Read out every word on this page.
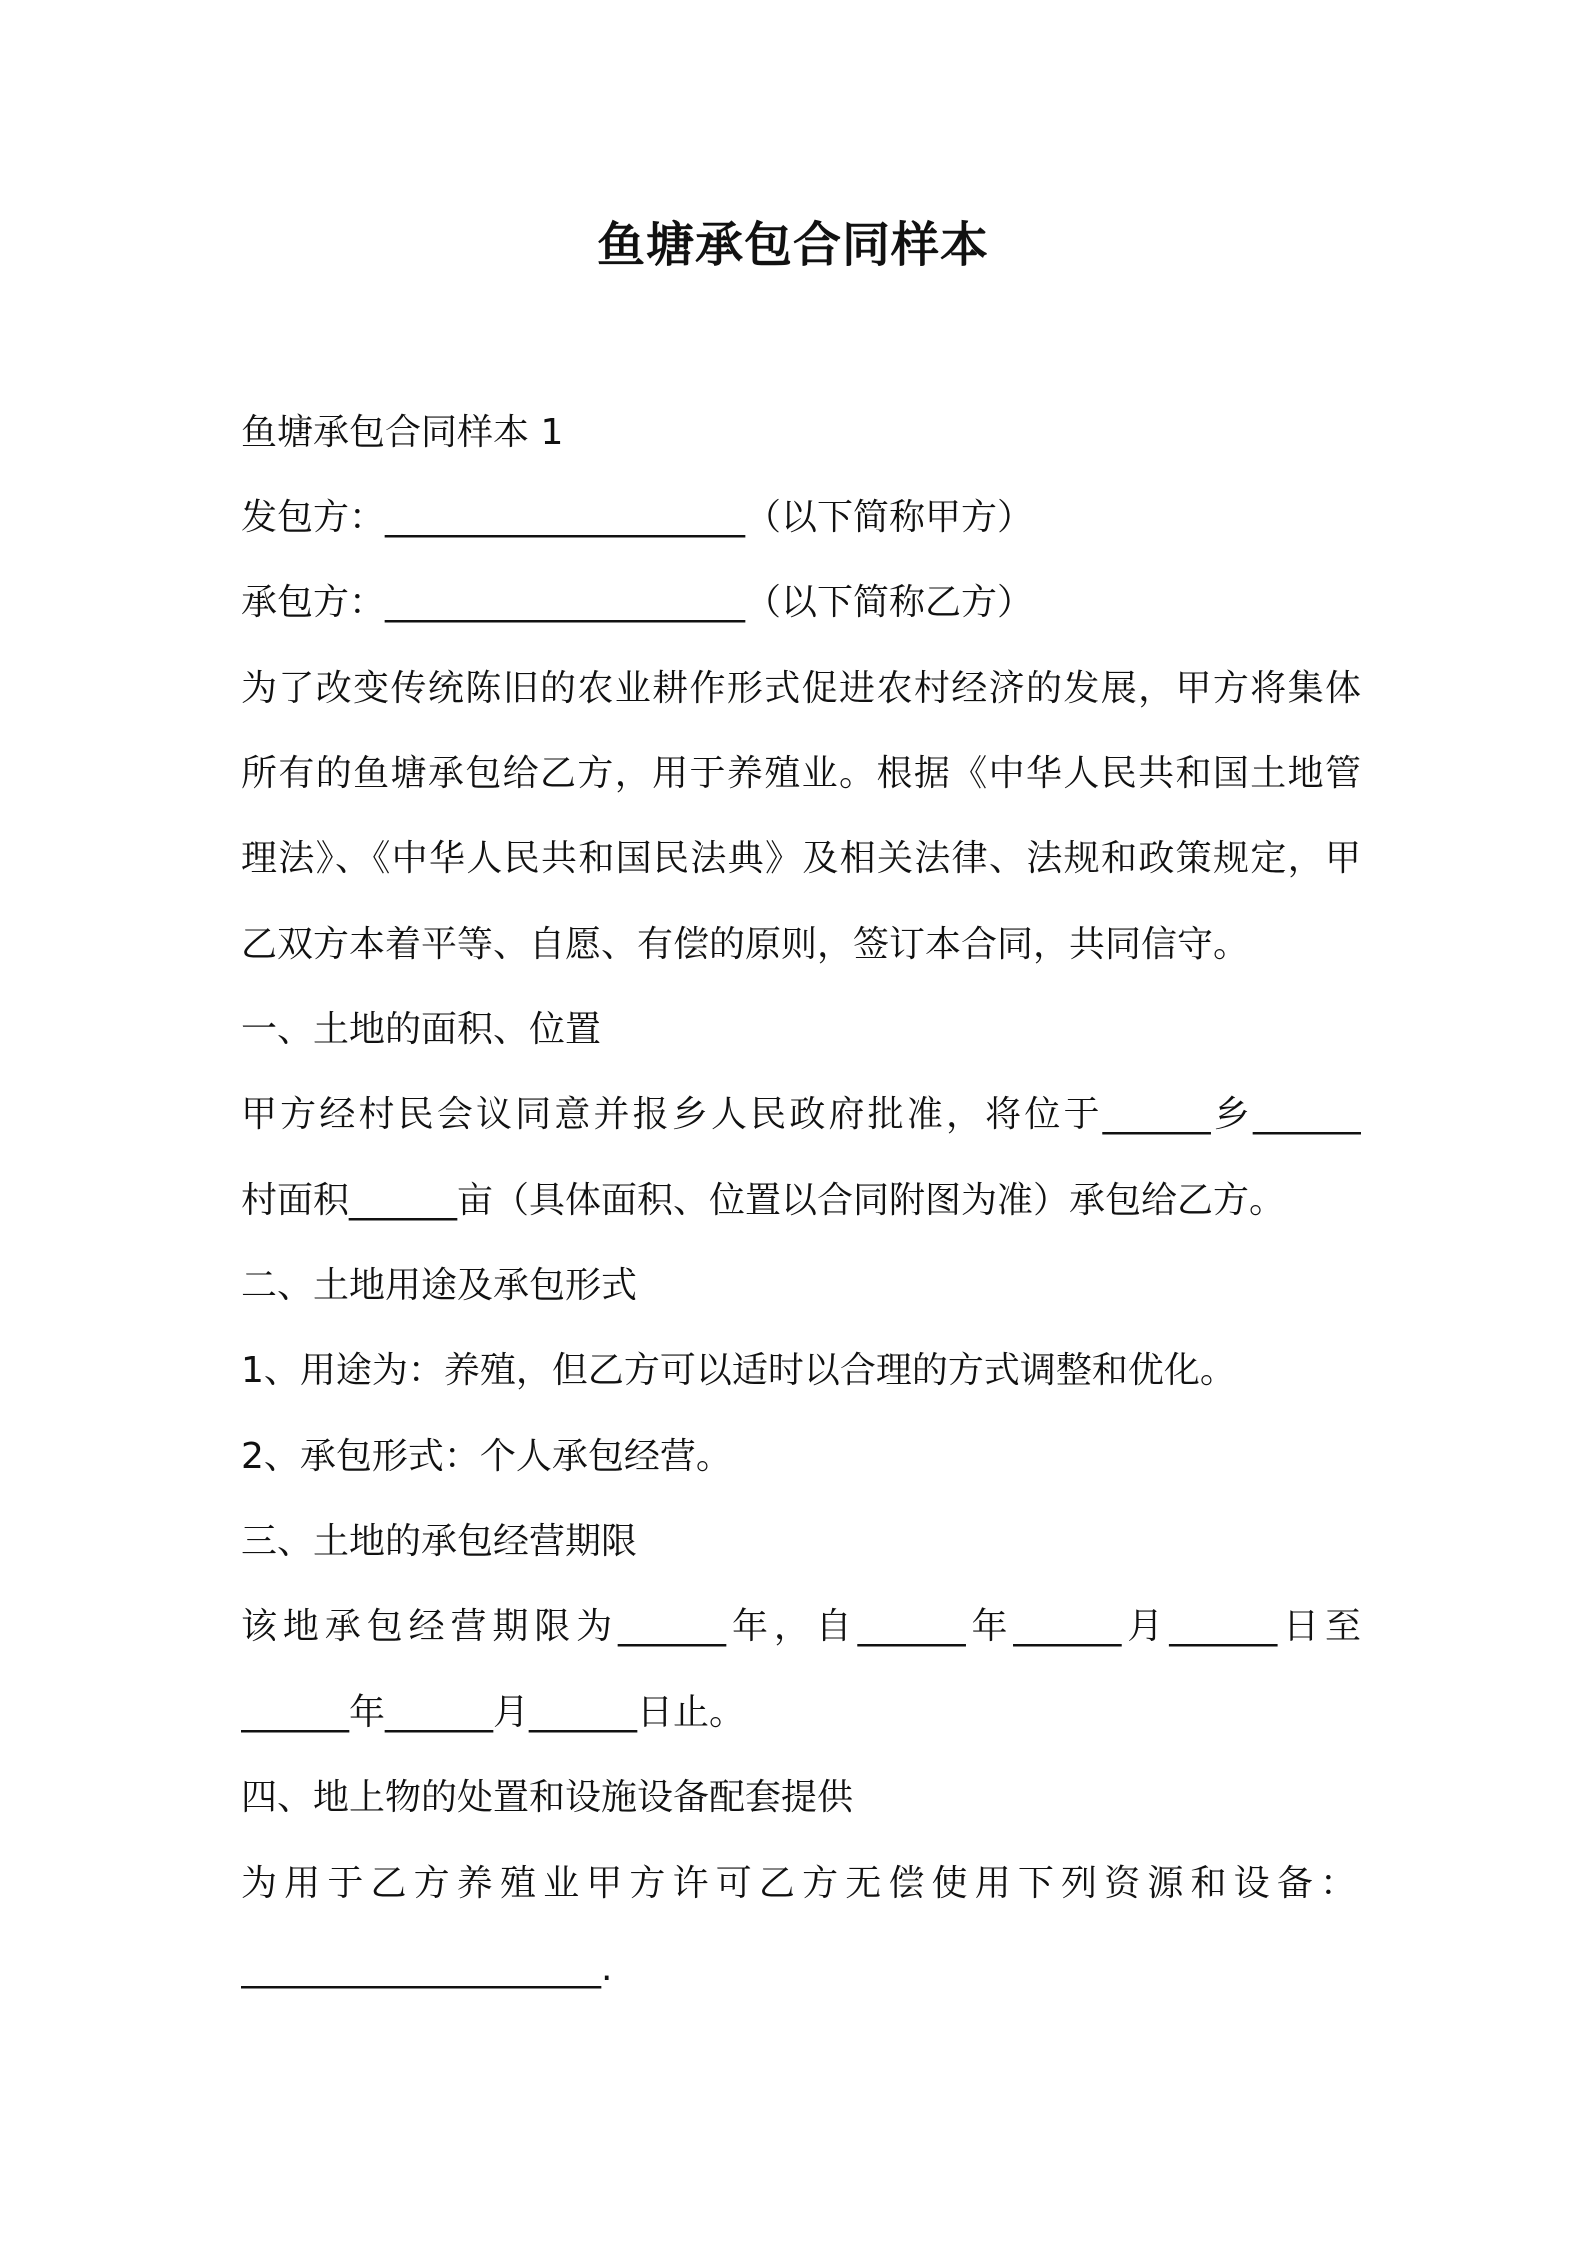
鱼塘承包合同样本
鱼塘承包合同样本 1
发包方：____________________（以下简称甲方）
承包方：____________________（以下简称乙方）
为了改变传统陈旧的农业耕作形式促进农村经济的发展，甲方将集体
所有的鱼塘承包给乙方，用于养殖业。根据《中华人民共和国土地管
理法》、《中华人民共和国民法典》及相关法律、法规和政策规定，甲
乙双方本着平等、自愿、有偿的原则，签订本合同，共同信守。
一、土地的面积、位置
甲方经村民会议同意并报乡人民政府批准，将位于______乡______
村面积______亩（具体面积、位置以合同附图为准）承包给乙方。
二、土地用途及承包形式
1、用途为：养殖，但乙方可以适时以合理的方式调整和优化。
2、承包形式：个人承包经营。
三、土地的承包经营期限
该地承包经营期限为______年，自______年______月______日至
______年______月______日止。
四、地上物的处置和设施设备配套提供
为用于乙方养殖业甲方许可乙方无偿使用下列资源和设备：
____________________.
